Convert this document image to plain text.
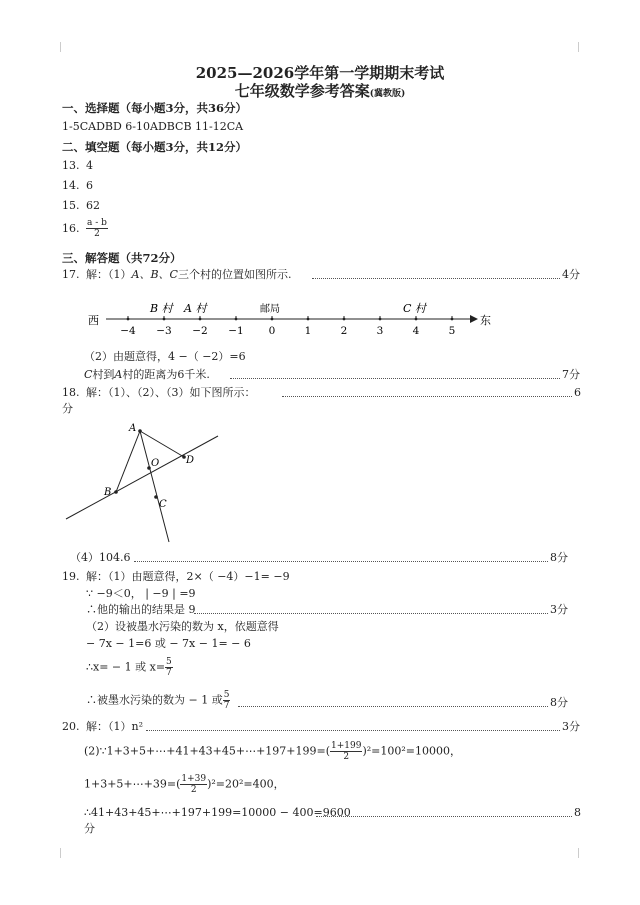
2025—2026学年第一学期期末考试
七年级数学参考答案(冀教版)
一、选择题（每小题3分，共36分）
1-5CADBD 6-10ADBCB 11-12CA
二、填空题（每小题3分，共12分）
13. 4
14. 6
15. 62
16. $\frac{a - b}{2}$
三、解答题（共72分）
17. 解：（1）A、B、C三个村的位置如图所示.	4分
西	东
−4 −3 −2 −1 0	1	2	3	4	5
B 村 A 村	邮局	C 村
（2）由题意得，4 −（ −2）=6
C村到A村的距离为6千米.	7分
18. 解：（1）、（2）、（3）如下图所示：	6
分
A
B
D
O
C
（4）104.6	8分
19. 解：（1）由题意得，2×（ −4）−1= −9
∵ −9＜0， | −9 | =9
∴他的输出的结果是 9	3分
（2）设被墨水污染的数为 x，依题意得
− 7x − 1=6 或 − 7x − 1= − 6
∴x= − 1 或 $x= \frac{5}{7}$
∴被墨水污染的数为 − 1 或 $\frac{5}{7}$	8分
20. 解：（1）n²	3分
(2)∵1+3+5+⋯+41+43+45+⋯+197+199=( $\frac{1+199}{2} )^2=100^2=10000$，
1+3+5+⋯+39=( $\frac{1+39}{2} )^2=20^2=400$，
∴41+43+45+⋯+197+199=10000 − 400=9600	8
分
